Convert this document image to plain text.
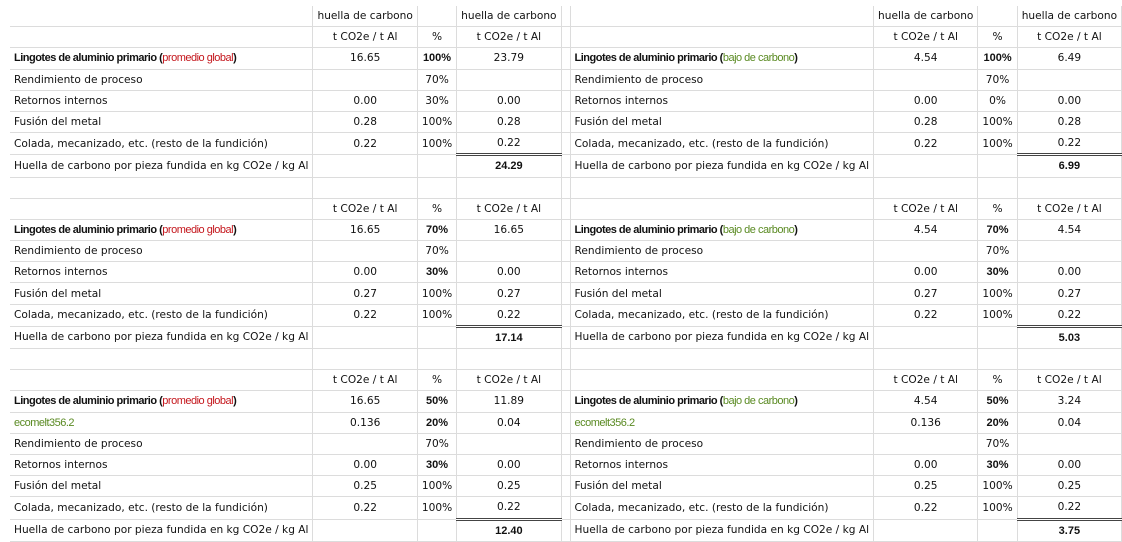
	huella de carbono		huella de carbono			huella de carbono		huella de carbono
	t CO2e / t Al	%	t CO2e / t Al			t CO2e / t Al	%	t CO2e / t Al
Lingotes de aluminio primario (promedio global)	16.65	100%	23.79		Lingotes de aluminio primario (bajo de carbono)	4.54	100%	6.49
Rendimiento de proceso		70%			Rendimiento de proceso		70%	
Retornos internos	0.00	30%	0.00		Retornos internos	0.00	0%	0.00
Fusión del metal	0.28	100%	0.28		Fusión del metal	0.28	100%	0.28
Colada, mecanizado, etc. (resto de la fundición)	0.22	100%	0.22		Colada, mecanizado, etc. (resto de la fundición)	0.22	100%	0.22
Huella de carbono por pieza fundida en kg CO2e / kg Al			24.29		Huella de carbono por pieza fundida en kg CO2e / kg Al			6.99

	t CO2e / t Al	%	t CO2e / t Al			t CO2e / t Al	%	t CO2e / t Al
Lingotes de aluminio primario (promedio global)	16.65	70%	16.65		Lingotes de aluminio primario (bajo de carbono)	4.54	70%	4.54
Rendimiento de proceso		70%			Rendimiento de proceso		70%	
Retornos internos	0.00	30%	0.00		Retornos internos	0.00	30%	0.00
Fusión del metal	0.27	100%	0.27		Fusión del metal	0.27	100%	0.27
Colada, mecanizado, etc. (resto de la fundición)	0.22	100%	0.22		Colada, mecanizado, etc. (resto de la fundición)	0.22	100%	0.22
Huella de carbono por pieza fundida en kg CO2e / kg Al			17.14		Huella de carbono por pieza fundida en kg CO2e / kg Al			5.03

	t CO2e / t Al	%	t CO2e / t Al			t CO2e / t Al	%	t CO2e / t Al
Lingotes de aluminio primario (promedio global)	16.65	50%	11.89		Lingotes de aluminio primario (bajo de carbono)	4.54	50%	3.24
ecomelt356.2	0.136	20%	0.04		ecomelt356.2	0.136	20%	0.04
Rendimiento de proceso		70%			Rendimiento de proceso		70%	
Retornos internos	0.00	30%	0.00		Retornos internos	0.00	30%	0.00
Fusión del metal	0.25	100%	0.25		Fusión del metal	0.25	100%	0.25
Colada, mecanizado, etc. (resto de la fundición)	0.22	100%	0.22		Colada, mecanizado, etc. (resto de la fundición)	0.22	100%	0.22
Huella de carbono por pieza fundida en kg CO2e / kg Al			12.40		Huella de carbono por pieza fundida en kg CO2e / kg Al			3.75
